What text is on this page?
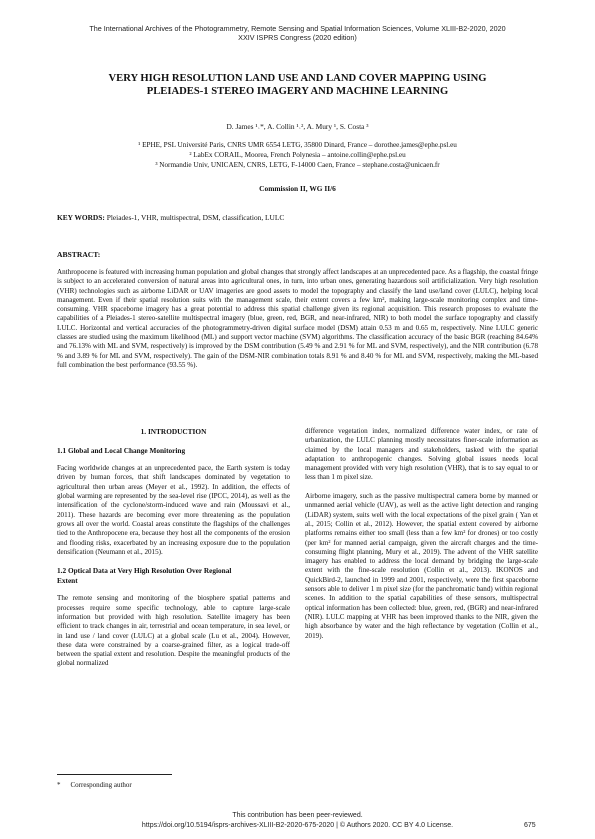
The International Archives of the Photogrammetry, Remote Sensing and Spatial Information Sciences, Volume XLIII-B2-2020, 2020
XXIV ISPRS Congress (2020 edition)
VERY HIGH RESOLUTION LAND USE AND LAND COVER MAPPING USING
PLEIADES-1 STEREO IMAGERY AND MACHINE LEARNING
D. James ¹˒*, A. Collin ¹˒², A. Mury ¹, S. Costa ³
¹ EPHE, PSL Université Paris, CNRS UMR 6554 LETG, 35800 Dinard, France – dorothee.james@ephe.psl.eu
² LabEx CORAIL, Moorea, French Polynesia – antoine.collin@ephe.psl.eu
³ Normandie Univ, UNICAEN, CNRS, LETG, F-14000 Caen, France – stephane.costa@unicaen.fr
Commission II, WG II/6
KEY WORDS: Pleiades-1, VHR, multispectral, DSM, classification, LULC
ABSTRACT:
Anthropocene is featured with increasing human population and global changes that strongly affect landscapes at an unprecedented pace. As a flagship, the coastal fringe is subject to an accelerated conversion of natural areas into agricultural ones, in turn, into urban ones, generating hazardous soil artificialization. Very high resolution (VHR) technologies such as airborne LiDAR or UAV imageries are good assets to model the topography and classify the land use/land cover (LULC), helping local management. Even if their spatial resolution suits with the management scale, their extent covers a few km², making large-scale monitoring complex and time-consuming. VHR spaceborne imagery has a great potential to address this spatial challenge given its regional acquisition. This research proposes to evaluate the capabilities of a Pleiades-1 stereo-satellite multispectral imagery (blue, green, red, BGR, and near-infrared, NIR) to both model the surface topography and classify LULC. Horizontal and vertical accuracies of the photogrammetry-driven digital surface model (DSM) attain 0.53 m and 0.65 m, respectively. Nine LULC generic classes are studied using the maximum likelihood (ML) and support vector machine (SVM) algorithms. The classification accuracy of the basic BGR (reaching 84.64% and 76.13% with ML and SVM, respectively) is improved by the DSM contribution (5.49 % and 2.91 % for ML and SVM, respectively), and the NIR contribution (6.78 % and 3.89 % for ML and SVM, respectively). The gain of the DSM-NIR combination totals 8.91 % and 8.40 % for ML and SVM, respectively, making the ML-based full combination the best performance (93.55 %).

1. INTRODUCTION

1.1 Global and Local Change Monitoring

Facing worldwide changes at an unprecedented pace, the Earth system is today driven by human forces, that shift landscapes dominated by vegetation to agricultural then urban areas (Meyer et al., 1992). In addition, the effects of global warming are represented by the sea-level rise (IPCC, 2014), as well as the intensification of the cyclone/storm-induced wave and rain (Moussavi et al., 2011). These hazards are becoming ever more threatening as the population grows all over the world. Coastal areas constitute the flagships of the challenges tied to the Anthropocene era, because they host all the components of the erosion and flooding risks, exacerbated by an increasing exposure due to the population densification (Neumann et al., 2015).

1.2 Optical Data at Very High Resolution Over Regional

Extent

The remote sensing and monitoring of the biosphere spatial patterns and processes require some specific technology, able to capture large-scale information but provided with high resolution. Satellite imagery has been efficient to track changes in air, terrestrial and ocean temperature, in sea level, or in land use / land cover (LULC) at a global scale (Lu et al., 2004). However, these data were constrained by a coarse-grained filter, as a logical trade-off between the spatial extent and resolution. Despite the meaningful products of the global normalized

* Corresponding author

difference vegetation index, normalized difference water index, or rate of urbanization, the LULC planning mostly necessitates finer-scale information as claimed by the local managers and stakeholders, tasked with the spatial adaptation to anthropogenic changes. Solving global issues needs local management provided with very high resolution (VHR), that is to say equal to or less than 1 m pixel size.

Airborne imagery, such as the passive multispectral camera borne by manned or unmanned aerial vehicle (UAV), as well as the active light detection and ranging (LiDAR) system, suits well with the local expectations of the pixel grain ( Yan et al., 2015; Collin et al., 2012). However, the spatial extent covered by airborne platforms remains either too small (less than a few km² for drones) or too costly (per km² for manned aerial campaign, given the aircraft charges and the time-consuming flight planning, Mury et al., 2019). The advent of the VHR satellite imagery has enabled to address the local demand by bridging the large-scale extent with the fine-scale resolution (Collin et al., 2013). IKONOS and QuickBird-2, launched in 1999 and 2001, respectively, were the first spaceborne sensors able to deliver 1 m pixel size (for the panchromatic band) within regional scenes. In addition to the spatial capabilities of these sensors, multispectral optical information has been collected: blue, green, red, (BGR) and near-infrared (NIR). LULC mapping at VHR has been improved thanks to the NIR, given the high absorbance by water and the high reflectance by vegetation (Collin et al., 2019).

This contribution has been peer-reviewed.
https://doi.org/10.5194/isprs-archives-XLIII-B2-2020-675-2020 | © Authors 2020. CC BY 4.0 License.	675
